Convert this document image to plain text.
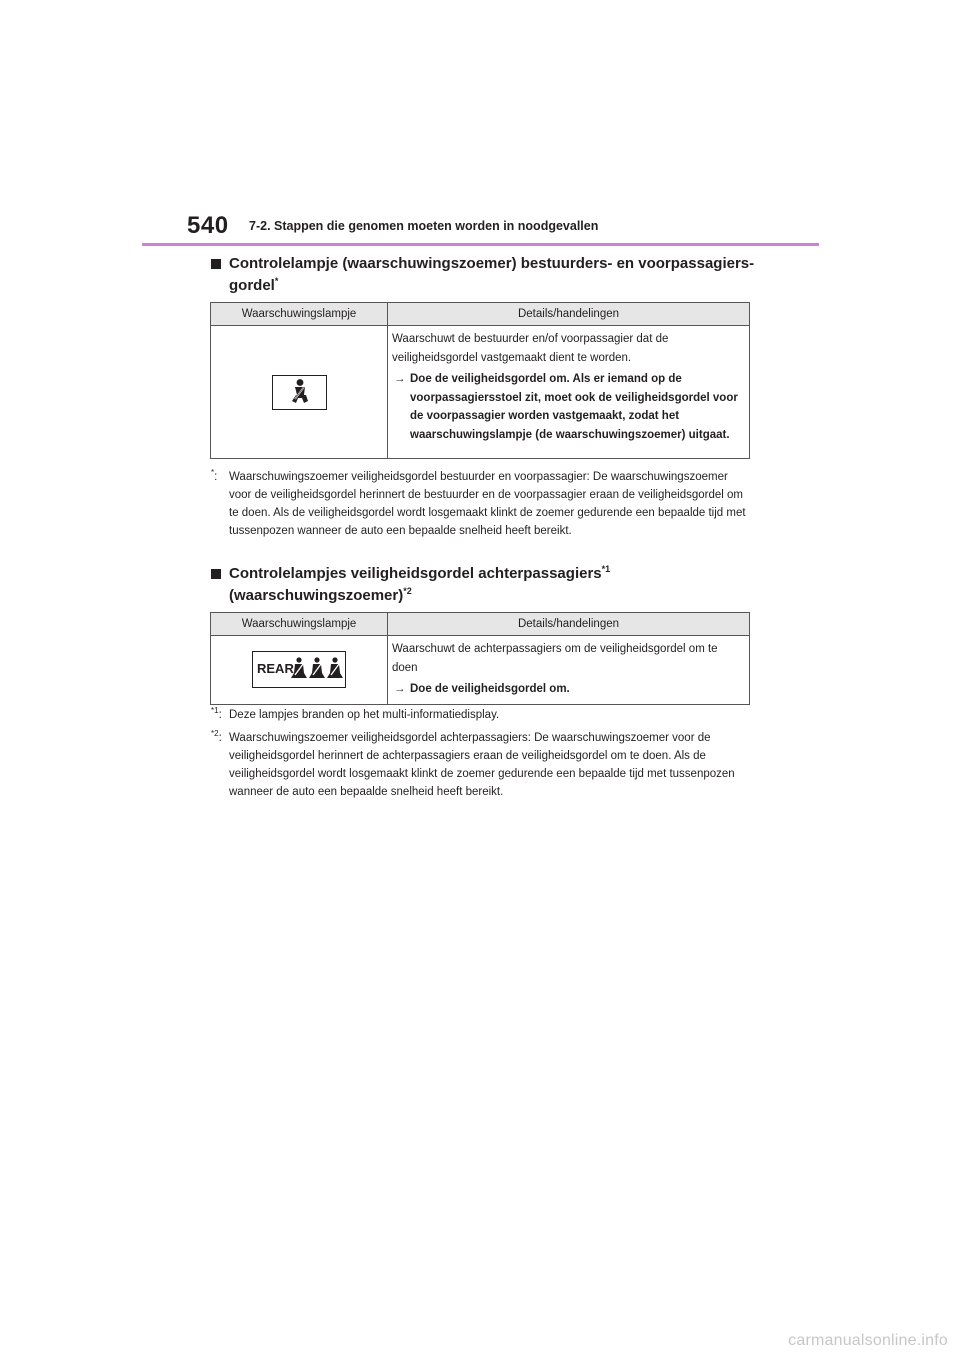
540 7-2. Stappen die genomen moeten worden in noodgevallen
Controlelampje (waarschuwingszoemer) bestuurders- en voorpassagiers-gordel*
Waarschuwingslampje	Details/handelingen

Waarschuwt de bestuurder en/of voorpassagier dat de veiligheidsgordel vastgemaakt dient te worden.

→ Doe de veiligheidsgordel om. Als er iemand op de voorpassagiersstoel zit, moet ook de veiligheidsgordel voor de voorpassagier worden vastgemaakt, zodat het waarschuwingslampje (de waarschuwingszoemer) uitgaat.
*:	Waarschuwingszoemer veiligheidsgordel bestuurder en voorpassagier: De waarschuwingszoemer voor de veiligheidsgordel herinnert de bestuurder en de voorpassagier eraan de veiligheidsgordel om te doen. Als de veiligheidsgordel wordt losgemaakt klinkt de zoemer gedurende een bepaalde tijd met tussenpozen wanneer de auto een bepaalde snelheid heeft bereikt.
Controlelampjes veiligheidsgordel achterpassagiers$^{*1}$ (waarschuwingszoemer)$^{*2}$
Waarschuwingslampje	Details/handelingen

REAR	Waarschuwt de achterpassagiers om de veiligheidsgordel om te doen

→ Doe de veiligheidsgordel om.
$^{*1}$: Deze lampjes branden op het multi-informatiedisplay.
$^{*2}$: Waarschuwingszoemer veiligheidsgordel achterpassagiers: De waarschuwingszoemer voor de veiligheidsgordel herinnert de achterpassagiers eraan de veiligheidsgordel om te doen. Als de veiligheidsgordel wordt losgemaakt klinkt de zoemer gedurende een bepaalde tijd met tussenpozen wanneer de auto een bepaalde snelheid heeft bereikt.
carmanualsonline.info
